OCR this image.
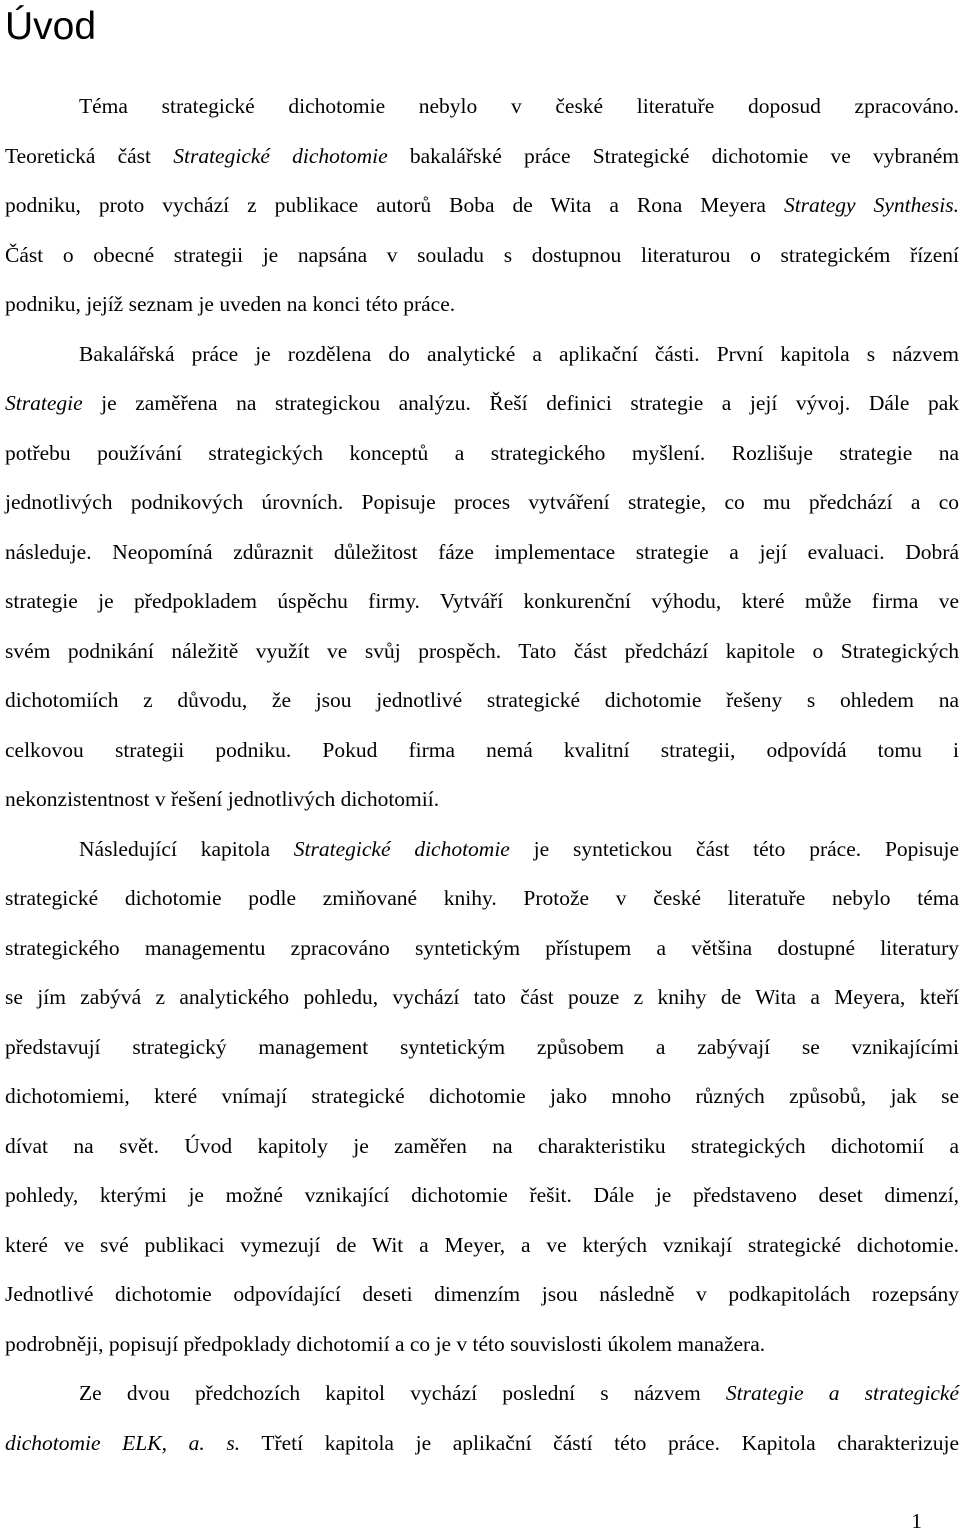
Úvod
Téma strategické dichotomie nebylo v české literatuře doposud zpracováno.
Teoretická část Strategické dichotomie bakalářské práce Strategické dichotomie ve vybraném
podniku, proto vychází z publikace autorů Boba de Wita a Rona Meyera Strategy Synthesis.
Část o obecné strategii je napsána v souladu s dostupnou literaturou o strategickém řízení
podniku, jejíž seznam je uveden na konci této práce.
Bakalářská práce je rozdělena do analytické a aplikační části. První kapitola s názvem
Strategie je zaměřena na strategickou analýzu. Řeší definici strategie a její vývoj. Dále pak
potřebu používání strategických konceptů a strategického myšlení. Rozlišuje strategie na
jednotlivých podnikových úrovních. Popisuje proces vytváření strategie, co mu předchází a co
následuje. Neopomíná zdůraznit důležitost fáze implementace strategie a její evaluaci. Dobrá
strategie je předpokladem úspěchu firmy. Vytváří konkurenční výhodu, které může firma ve
svém podnikání náležitě využít ve svůj prospěch. Tato část předchází kapitole o Strategických
dichotomiích z důvodu, že jsou jednotlivé strategické dichotomie řešeny s ohledem na
celkovou strategii podniku. Pokud firma nemá kvalitní strategii, odpovídá tomu i
nekonzistentnost v řešení jednotlivých dichotomií.
Následující kapitola Strategické dichotomie je syntetickou část této práce. Popisuje
strategické dichotomie podle zmiňované knihy. Protože v české literatuře nebylo téma
strategického managementu zpracováno syntetickým přístupem a většina dostupné literatury
se jím zabývá z analytického pohledu, vychází tato část pouze z knihy de Wita a Meyera, kteří
představují strategický management syntetickým způsobem a zabývají se vznikajícími
dichotomiemi, které vnímají strategické dichotomie jako mnoho různých způsobů, jak se
dívat na svět. Úvod kapitoly je zaměřen na charakteristiku strategických dichotomií a
pohledy, kterými je možné vznikající dichotomie řešit. Dále je představeno deset dimenzí,
které ve své publikaci vymezují de Wit a Meyer, a ve kterých vznikají strategické dichotomie.
Jednotlivé dichotomie odpovídající deseti dimenzím jsou následně v podkapitolách rozepsány
podrobněji, popisují předpoklady dichotomií a co je v této souvislosti úkolem manažera.
Ze dvou předchozích kapitol vychází poslední s názvem Strategie a strategické
dichotomie ELK, a. s. Třetí kapitola je aplikační částí této práce. Kapitola charakterizuje
1
